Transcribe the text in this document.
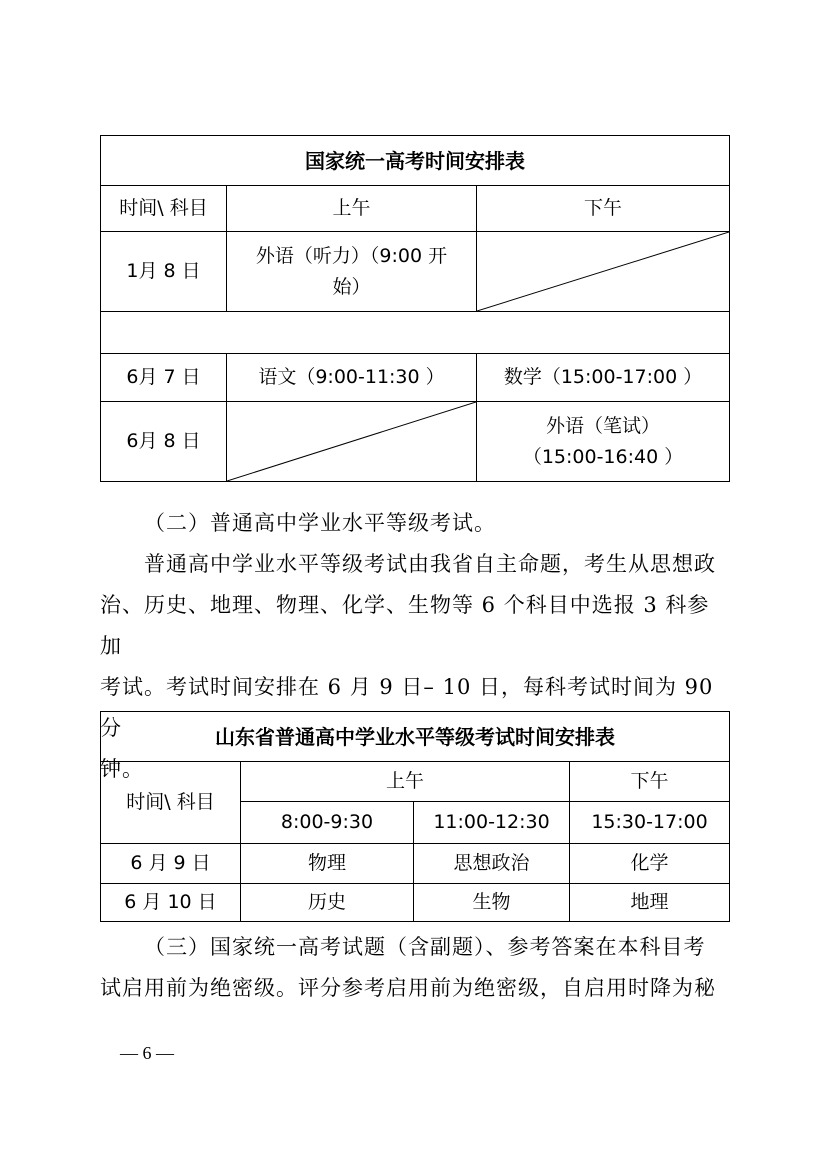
国家统一高考时间安排表		
时间\ 科目	上午	下午
1月 8 日	外语（听力）（9:00 开
始）

6月 7 日	语文（9:00-11:30 ）	数学（15:00-17:00 ）
6月 8 日		外语（笔试）
（15:00-16:40 ）
（二）普通高中学业水平等级考试。
普通高中学业水平等级考试由我省自主命题，考生从思想政
治、历史、地理、物理、化学、生物等 6 个科目中选报 3 科参加
考试。考试时间安排在 6 月 9 日– 10 日，每科考试时间为 90 分
钟。
山东省普通高中学业水平等级考试时间安排表			
时间\ 科目	上午		下午
	8:00-9:30	11:00-12:30	15:30-17:00
6 月 9 日	物理	思想政治	化学
6 月 10 日	历史	生物	地理
（三）国家统一高考试题（含副题）、参考答案在本科目考
试启用前为绝密级。评分参考启用前为绝密级，自启用时降为秘
— 6 —
